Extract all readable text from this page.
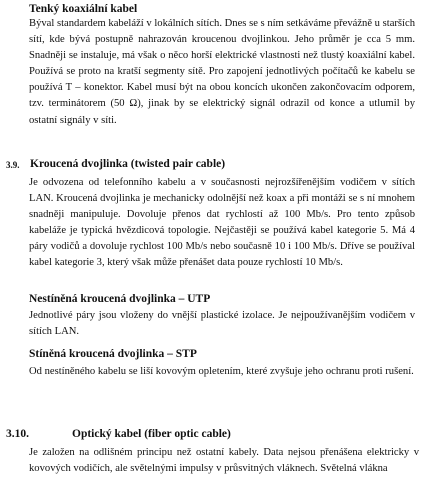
Tenký koaxiální kabel

Býval standardem kabeláží v lokálních sítích. Dnes se s ním setkáváme převážně u starších sítí, kde bývá postupně nahrazován kroucenou dvojlinkou. Jeho průměr je cca 5 mm. Snadněji se instaluje, má však o něco horší elektrické vlastnosti než tlustý koaxiální kabel. Používá se proto na kratší segmenty sítě. Pro zapojení jednotlivých počítačů ke kabelu se používá T – konektor. Kabel musí být na obou koncích ukončen zakončovacím odporem, tzv. terminátorem (50 Ω), jinak by se elektrický signál odrazil od konce a utlumil by ostatní signály v síti.

3.9. Kroucená dvojlinka (twisted pair cable)

Je odvozena od telefonního kabelu a v současnosti nejrozšířenějším vodičem v sítích LAN. Kroucená dvojlinka je mechanicky odolnější než koax a při montáži se s ní mnohem snadněji manipuluje. Dovoluje přenos dat rychlostí až 100 Mb/s. Pro tento způsob kabeláže je typická hvězdicová topologie. Nejčastěji se používá kabel kategorie 5. Má 4 páry vodičů a dovoluje rychlost 100 Mb/s nebo současně 10 i 100 Mb/s. Dříve se používal kabel kategorie 3, který však může přenášet data pouze rychlostí 10 Mb/s.

Nestíněná kroucená dvojlinka – UTP

Jednotlivé páry jsou vloženy do vnější plastické izolace. Je nejpoužívanějším vodičem v sítích LAN.

Stíněná kroucená dvojlinka – STP

Od nestíněného kabelu se liší kovovým opletením, které zvyšuje jeho ochranu proti rušení.

3.10.	Optický kabel (fiber optic cable)

Je založen na odlišném principu než ostatní kabely. Data nejsou přenášena elektricky v kovových vodičích, ale světelnými impulsy v průsvitných vláknech. Světelná vlákna
